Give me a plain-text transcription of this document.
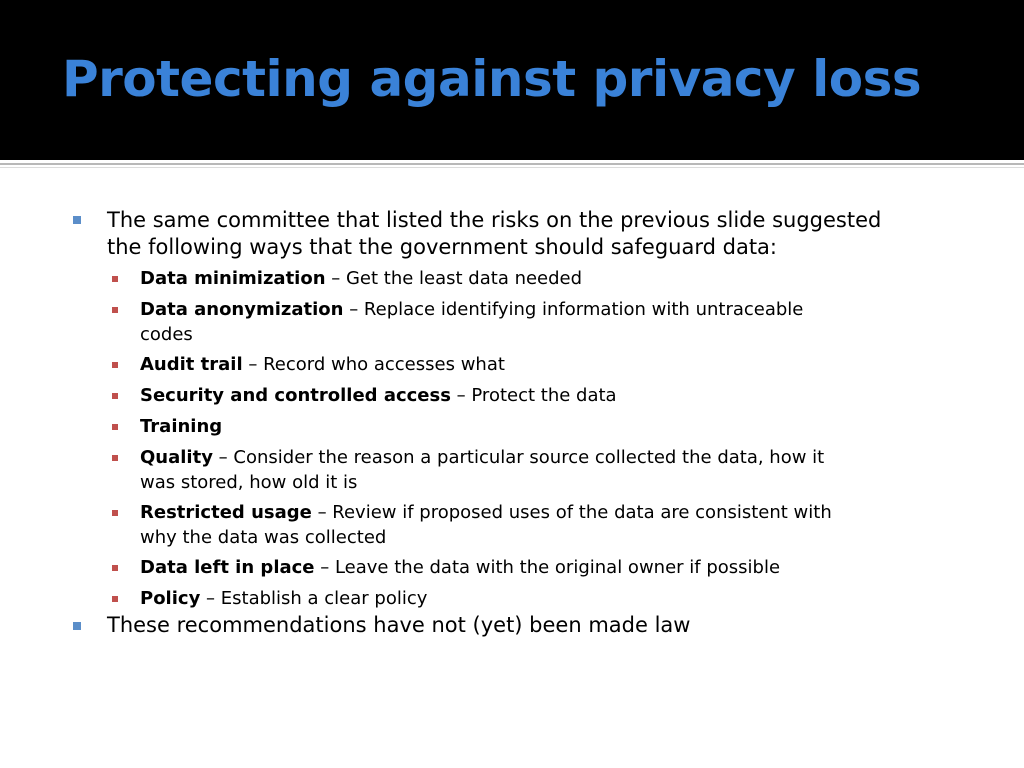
Protecting against privacy loss

The same committee that listed the risks on the previous slide suggested

the following ways that the government should safeguard data:

Data minimization – Get the least data needed

Data anonymization – Replace identifying information with untraceable

codes

Audit trail – Record who accesses what

Security and controlled access – Protect the data

Training

Quality – Consider the reason a particular source collected the data, how it

was stored, how old it is

Restricted usage – Review if proposed uses of the data are consistent with

why the data was collected

Data left in place – Leave the data with the original owner if possible

Policy – Establish a clear policy

These recommendations have not (yet) been made law
